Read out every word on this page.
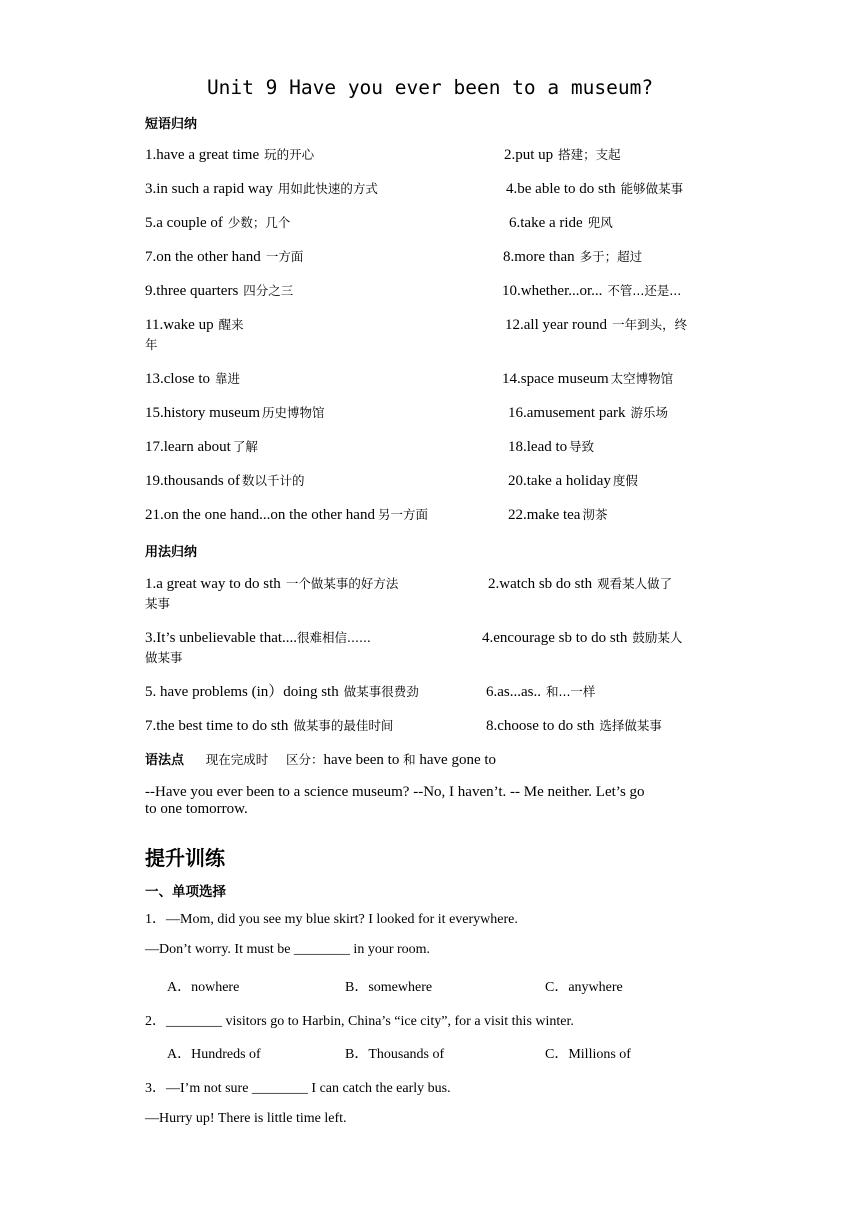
Unit 9 Have you ever been to a museum?
短语归纳
1.have a great time 玩的开心	2.put up 搭建；支起
3.in such a rapid way 用如此快速的方式	4.be able to do sth 能够做某事
5.a couple of 少数；几个	6.take a ride 兜风
7.on the other hand 一方面	8.more than 多于；超过
9.three quarters 四分之三	10.whether...or... 不管...还是...
11.wake up 醒来	12.all year round 一年到头，终
年
13.close to 靠进	14.space museum 太空博物馆
15.history museum 历史博物馆	16.amusement park 游乐场
17.learn about 了解	18.lead to 导致
19.thousands of 数以千计的	20.take a holiday 度假
21.on the one hand...on the other hand 另一方面	22.make tea 沏茶
用法归纳
1.a great way to do sth 一个做某事的好方法	2.watch sb do sth 观看某人做了
某事
3.It’s unbelievable that....很难相信......	4.encourage sb to do sth 鼓励某人
做某事
5. have problems (in）doing sth 做某事很费劲	6.as...as.. 和...一样
7.the best time to do sth 做某事的最佳时间	8.choose to do sth 选择做某事
语法点 现在完成时 区分：have been to 和 have gone to
--Have you ever been to a science museum? --No, I haven’t. -- Me neither. Let’s go
to one tomorrow.
提升训练
一、单项选择
1．—Mom, did you see my blue skirt? I looked for it everywhere.
—Don’t worry. It must be ________ in your room.
A．nowhere	B．somewhere	C．anywhere
2．________ visitors go to Harbin, China’s “ice city”, for a visit this winter.
A．Hundreds of	B．Thousands of	C．Millions of
3．—I’m not sure ________ I can catch the early bus.
—Hurry up! There is little time left.
